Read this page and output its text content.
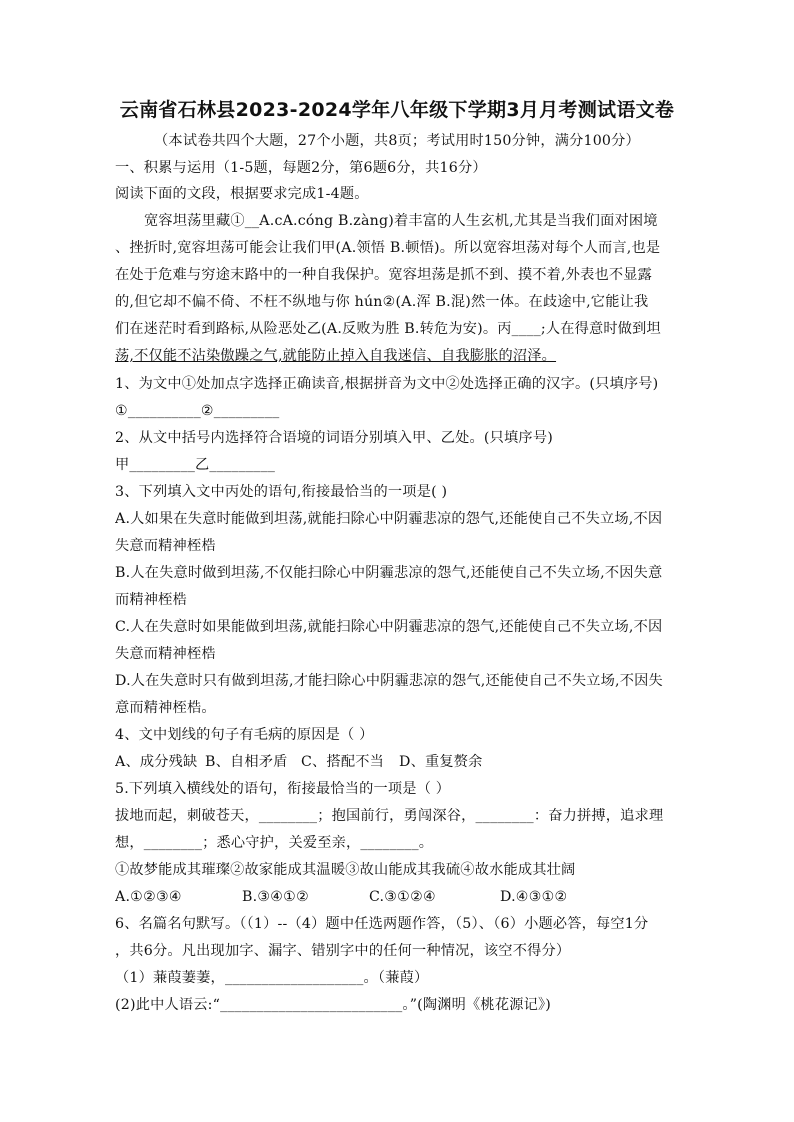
云南省石林县2023-2024学年八年级下学期3月月考测试语文卷
（本试卷共四个大题，27个小题，共8页；考试用时150分钟，满分100分）
一、积累与运用（1-5题，每题2分，第6题6分，共16分）
阅读下面的文段，根据要求完成1-4题。
宽容坦荡里藏①__A.cA.cóng B.zàng)着丰富的人生玄机,尤其是当我们面对困境
、挫折时,宽容坦荡可能会让我们甲(A.领悟 B.顿悟)。所以宽容坦荡对每个人而言,也是
在处于危难与穷途末路中的一种自我保护。宽容坦荡是抓不到、摸不着,外表也不显露
的,但它却不偏不倚、不枉不纵地与你 hún②(A.浑 B.混)然一体。在歧途中,它能让我
们在迷茫时看到路标,从险恶处乙(A.反败为胜 B.转危为安)。丙____;人在得意时做到坦
荡,不仅能不沾染傲躁之气,就能防止掉入自我迷信、自我膨胀的沼泽。
1、为文中①处加点字选择正确读音,根据拼音为文中②处选择正确的汉字。(只填序号)
①__________②_________
2、从文中括号内选择符合语境的词语分别填入甲、乙处。(只填序号)
甲_________乙_________
3、下列填入文中丙处的语句,衔接最恰当的一项是( )
A.人如果在失意时能做到坦荡,就能扫除心中阴霾悲凉的怨气,还能使自己不失立场,不因
失意而精神桎梏
B.人在失意时做到坦荡,不仅能扫除心中阴霾悲凉的怨气,还能使自己不失立场,不因失意
而精神桎梏
C.人在失意时如果能做到坦荡,就能扫除心中阴霾悲凉的怨气,还能使自己不失立场,不因
失意而精神桎梏
D.人在失意时只有做到坦荡,才能扫除心中阴霾悲凉的怨气,还能使自己不失立场,不因失
意而精神桎梏。
4、文中划线的句子有毛病的原因是（ ）
A、成分残缺 B、自相矛盾 C、搭配不当	D、重复赘余
5.下列填入横线处的语句，衔接最恰当的一项是（ ）
拔地而起，刺破苍天，________；抱国前行，勇闯深谷，________：奋力拼搏，追求理
想，________；悉心守护，关爱至亲，________。
①故梦能成其璀璨②故家能成其温暖③故山能成其我硫④故水能成其壮阔
A.①②③④	B.③④①②	C.③①②④	D.④③①②
6、名篇名句默写。（（1）--（4）题中任选两题作答，（5）、（6）小题必答，每空1分
，共6分。凡出现加字、漏字、错别字中的任何一种情况，该空不得分）
（1）蒹葭萋萋，___________________。（蒹葭）
(2)此中人语云:“_________________________。”(陶渊明《桃花源记》)
